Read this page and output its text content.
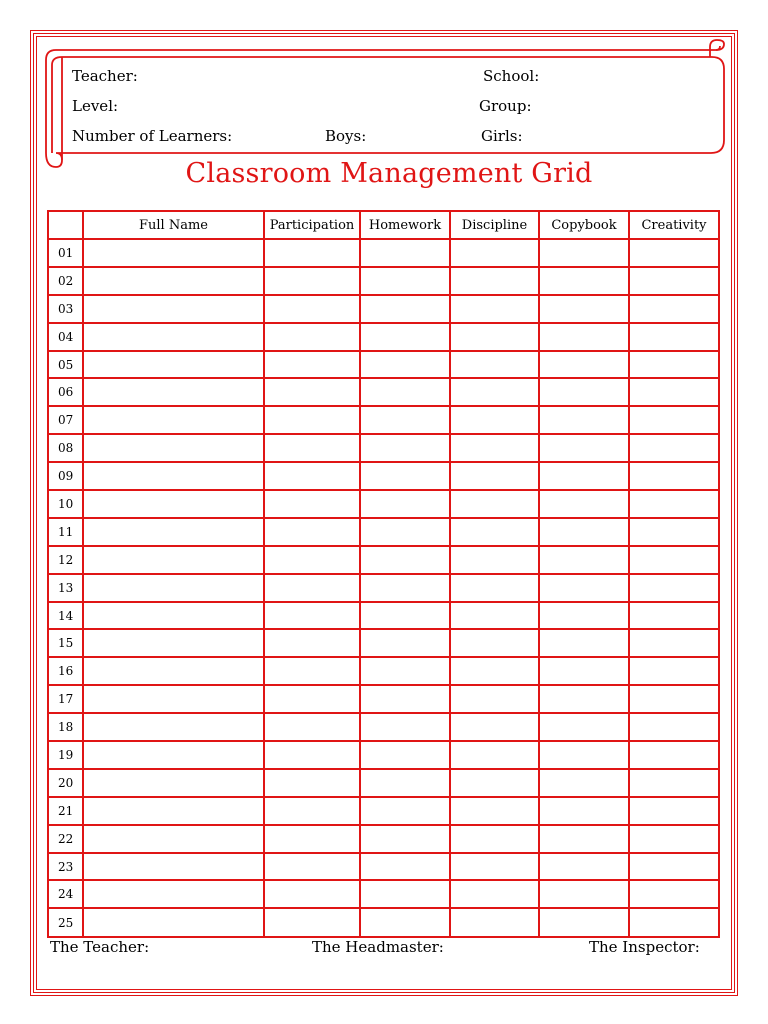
Teacher:	School:
Level:	Group:
Number of Learners:	Boys:	Girls:
Classroom Management Grid
	Full Name	Participation	Homework	Discipline	Copybook	Creativity
01						
02						
03						
04						
05						
06						
07						
08						
09						
10						
11						
12						
13						
14						
15						
16						
17						
18						
19						
20						
21						
22						
23						
24						
25						
The Teacher:	The Headmaster:	The Inspector:
